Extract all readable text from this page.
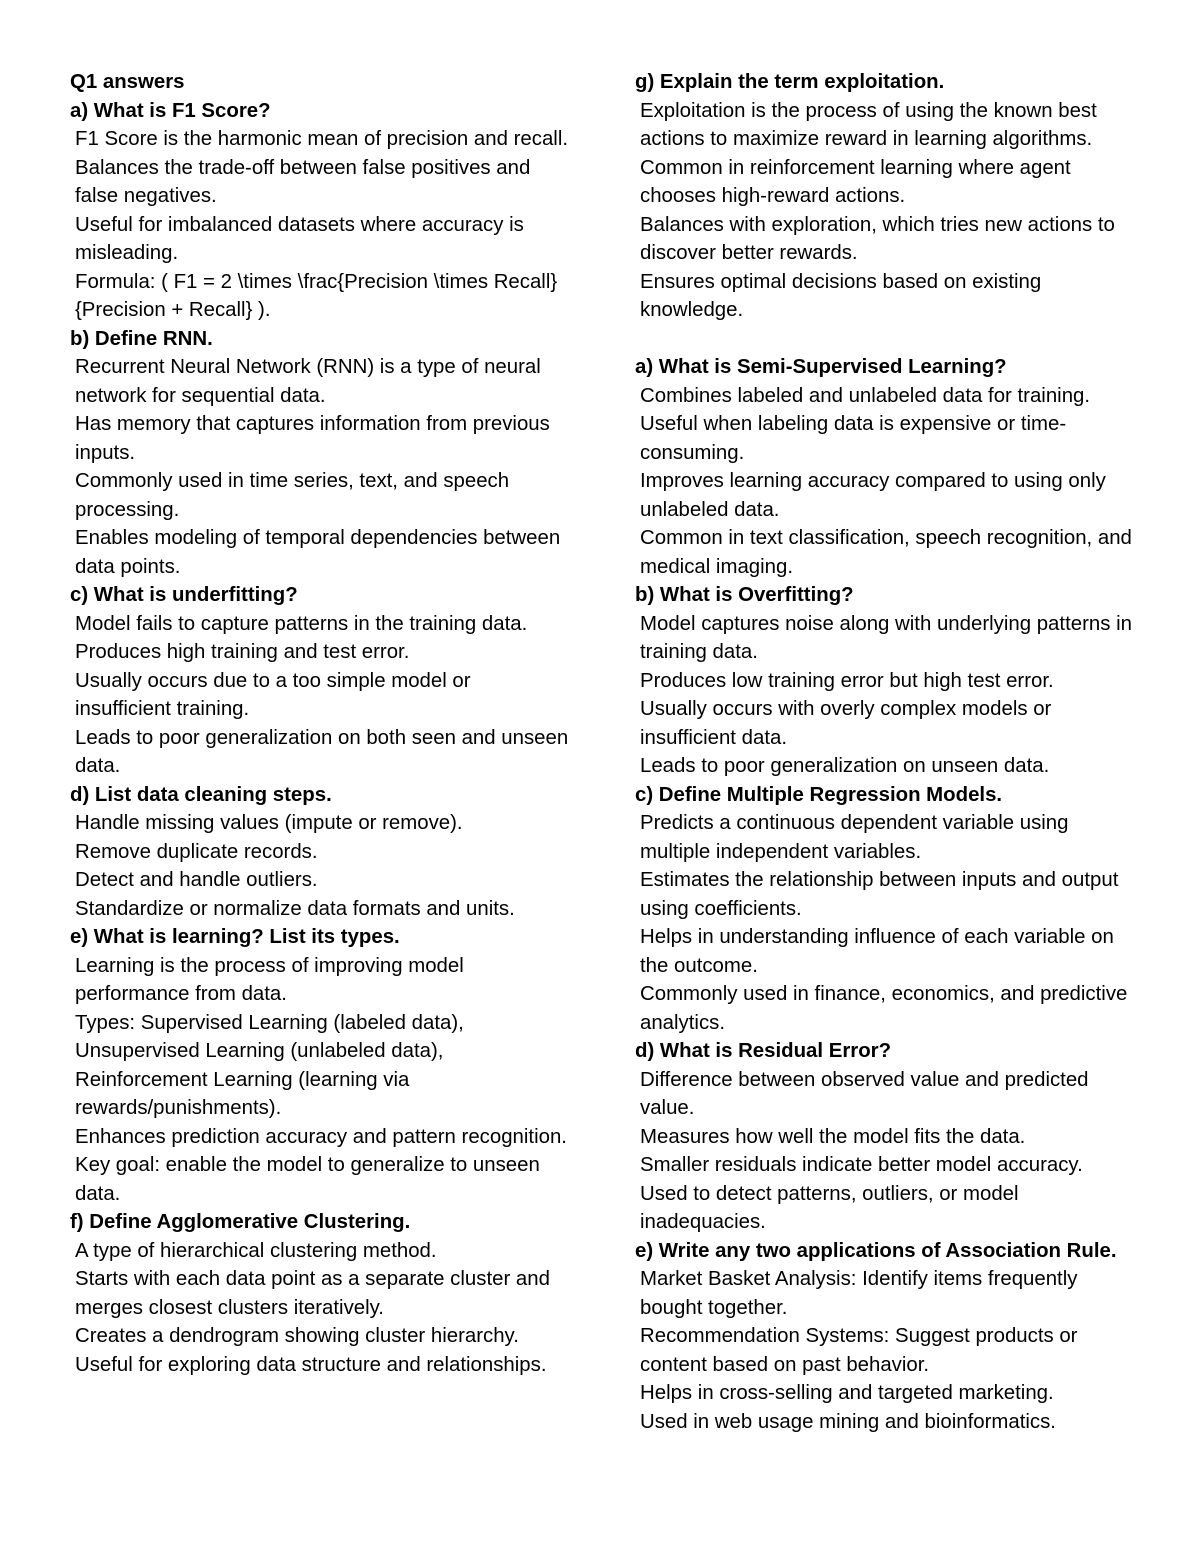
Q1 answers
a) What is F1 Score?
F1 Score is the harmonic mean of precision and recall.
Balances the trade-off between false positives and false negatives.
Useful for imbalanced datasets where accuracy is misleading.
Formula: ( F1 = 2 \times \frac{Precision \times Recall}{Precision + Recall} ).
b) Define RNN.
Recurrent Neural Network (RNN) is a type of neural network for sequential data.
Has memory that captures information from previous inputs.
Commonly used in time series, text, and speech processing.
Enables modeling of temporal dependencies between data points.
c) What is underfitting?
Model fails to capture patterns in the training data.
Produces high training and test error.
Usually occurs due to a too simple model or insufficient training.
Leads to poor generalization on both seen and unseen data.
d) List data cleaning steps.
Handle missing values (impute or remove).
Remove duplicate records.
Detect and handle outliers.
Standardize or normalize data formats and units.
e) What is learning? List its types.
Learning is the process of improving model performance from data.
Types: Supervised Learning (labeled data), Unsupervised Learning (unlabeled data), Reinforcement Learning (learning via rewards/punishments).
Enhances prediction accuracy and pattern recognition.
Key goal: enable the model to generalize to unseen data.
f) Define Agglomerative Clustering.
A type of hierarchical clustering method.
Starts with each data point as a separate cluster and merges closest clusters iteratively.
Creates a dendrogram showing cluster hierarchy.
Useful for exploring data structure and relationships.
g) Explain the term exploitation.
Exploitation is the process of using the known best actions to maximize reward in learning algorithms.
Common in reinforcement learning where agent chooses high-reward actions.
Balances with exploration, which tries new actions to discover better rewards.
Ensures optimal decisions based on existing knowledge.
a) What is Semi-Supervised Learning?
Combines labeled and unlabeled data for training.
Useful when labeling data is expensive or time-consuming.
Improves learning accuracy compared to using only unlabeled data.
Common in text classification, speech recognition, and medical imaging.
b) What is Overfitting?
Model captures noise along with underlying patterns in training data.
Produces low training error but high test error.
Usually occurs with overly complex models or insufficient data.
Leads to poor generalization on unseen data.
c) Define Multiple Regression Models.
Predicts a continuous dependent variable using multiple independent variables.
Estimates the relationship between inputs and output using coefficients.
Helps in understanding influence of each variable on the outcome.
Commonly used in finance, economics, and predictive analytics.
d) What is Residual Error?
Difference between observed value and predicted value.
Measures how well the model fits the data.
Smaller residuals indicate better model accuracy.
Used to detect patterns, outliers, or model inadequacies.
e) Write any two applications of Association Rule.
Market Basket Analysis: Identify items frequently bought together.
Recommendation Systems: Suggest products or content based on past behavior.
Helps in cross-selling and targeted marketing.
Used in web usage mining and bioinformatics.
